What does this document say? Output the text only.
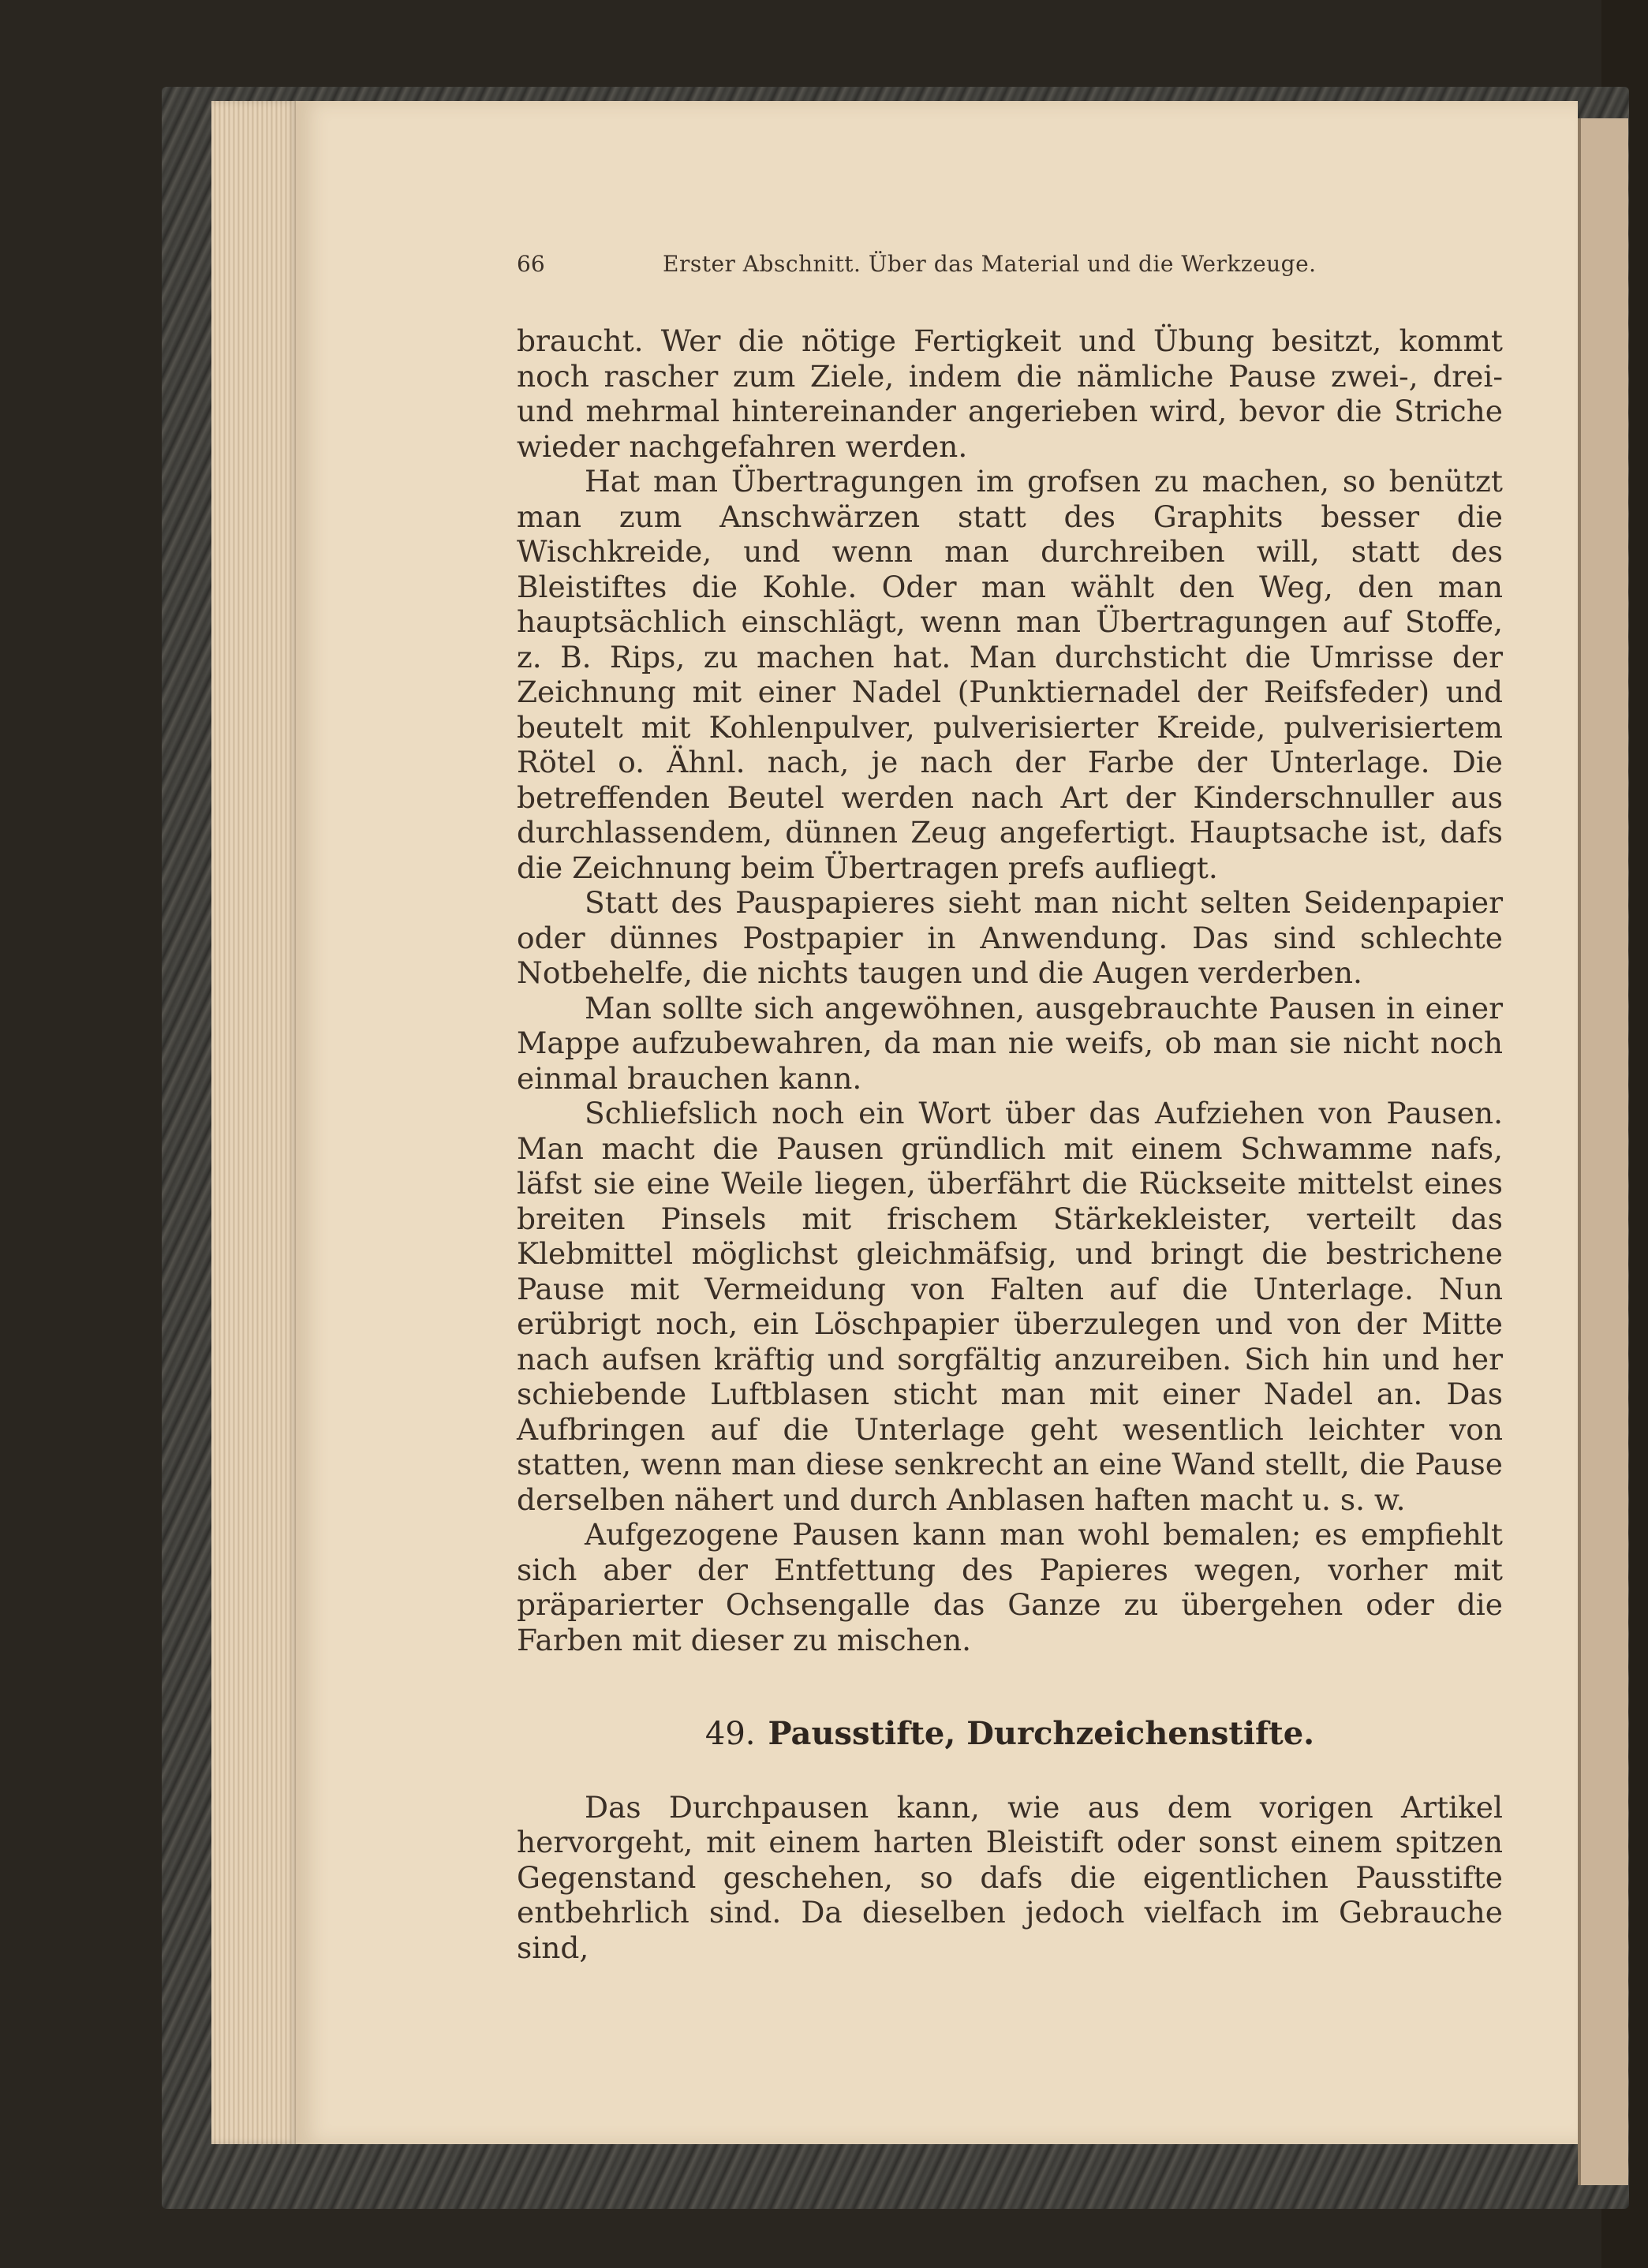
66	Erster Abschnitt. Über das Material und die Werkzeuge.

braucht. Wer die nötige Fertigkeit und Übung besitzt, kommt noch rascher zum Ziele, indem die nämliche Pause zwei-, drei- und mehrmal hintereinander angerieben wird, bevor die Striche wieder nachgefahren werden.

Hat man Übertragungen im grofsen zu machen, so benützt man zum Anschwärzen statt des Graphits besser die Wischkreide, und wenn man durchreiben will, statt des Bleistiftes die Kohle. Oder man wählt den Weg, den man hauptsächlich einschlägt, wenn man Übertragungen auf Stoffe, z. B. Rips, zu machen hat. Man durchsticht die Umrisse der Zeichnung mit einer Nadel (Punktiernadel der Reifsfeder) und beutelt mit Kohlenpulver, pulverisierter Kreide, pulverisiertem Rötel o. Ähnl. nach, je nach der Farbe der Unterlage. Die betreffenden Beutel werden nach Art der Kinderschnuller aus durchlassendem, dünnen Zeug angefertigt. Hauptsache ist, dafs die Zeichnung beim Übertragen prefs aufliegt.

Statt des Pauspapieres sieht man nicht selten Seidenpapier oder dünnes Postpapier in Anwendung. Das sind schlechte Notbehelfe, die nichts taugen und die Augen verderben.

Man sollte sich angewöhnen, ausgebrauchte Pausen in einer Mappe aufzubewahren, da man nie weifs, ob man sie nicht noch einmal brauchen kann.

Schliefslich noch ein Wort über das Aufziehen von Pausen. Man macht die Pausen gründlich mit einem Schwamme nafs, läfst sie eine Weile liegen, überfährt die Rückseite mittelst eines breiten Pinsels mit frischem Stärkekleister, verteilt das Klebmittel möglichst gleichmäfsig, und bringt die bestrichene Pause mit Vermeidung von Falten auf die Unterlage. Nun erübrigt noch, ein Löschpapier überzulegen und von der Mitte nach aufsen kräftig und sorgfältig anzureiben. Sich hin und her schiebende Luftblasen sticht man mit einer Nadel an. Das Aufbringen auf die Unterlage geht wesentlich leichter von statten, wenn man diese senkrecht an eine Wand stellt, die Pause derselben nähert und durch Anblasen haften macht u. s. w.

Aufgezogene Pausen kann man wohl bemalen; es empfiehlt sich aber der Entfettung des Papieres wegen, vorher mit präparierter Ochsengalle das Ganze zu übergehen oder die Farben mit dieser zu mischen.

49. Pausstifte, Durchzeichenstifte.

Das Durchpausen kann, wie aus dem vorigen Artikel hervorgeht, mit einem harten Bleistift oder sonst einem spitzen Gegenstand geschehen, so dafs die eigentlichen Pausstifte entbehrlich sind. Da dieselben jedoch vielfach im Gebrauche sind,
